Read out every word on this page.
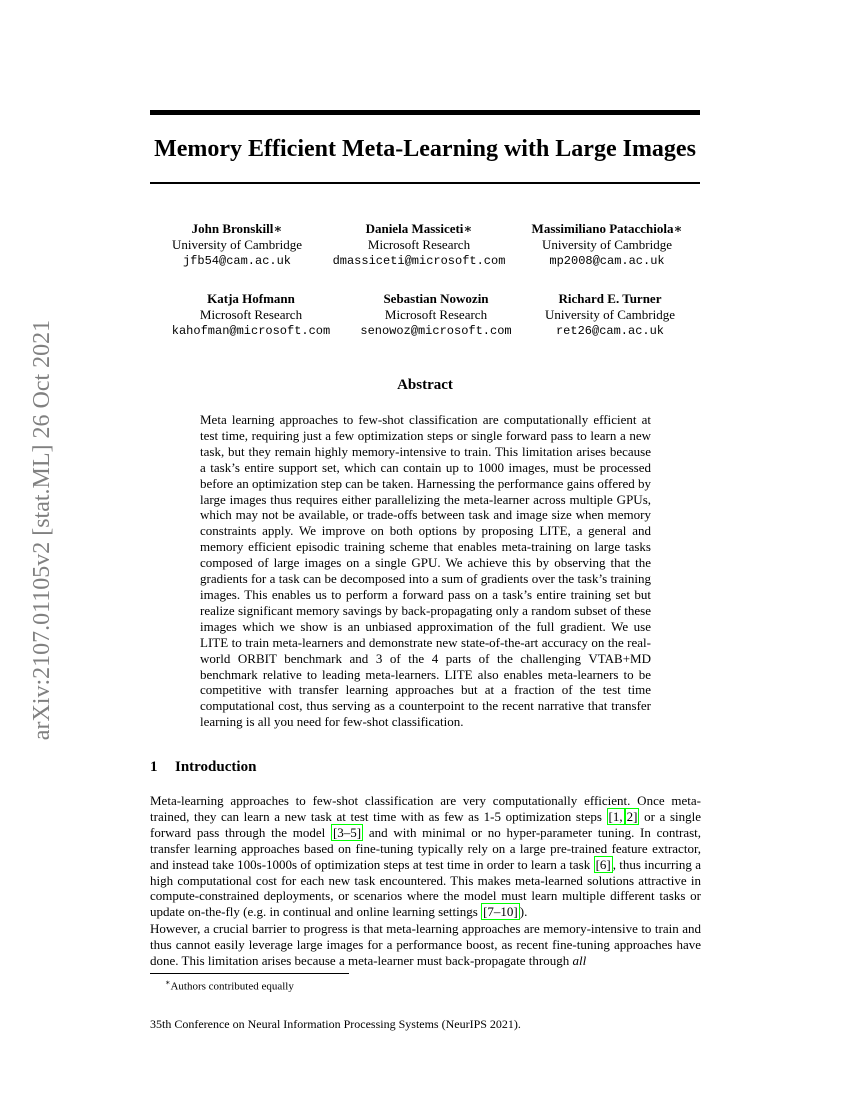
arXiv:2107.01105v2 [stat.ML] 26 Oct 2021
Memory Efficient Meta-Learning with Large Images
John Bronskill∗
University of Cambridge
jfb54@cam.ac.uk
Daniela Massiceti∗
Microsoft Research
dmassiceti@microsoft.com
Massimiliano Patacchiola∗
University of Cambridge
mp2008@cam.ac.uk
Katja Hofmann
Microsoft Research
kahofman@microsoft.com
Sebastian Nowozin
Microsoft Research
senowoz@microsoft.com
Richard E. Turner
University of Cambridge
ret26@cam.ac.uk
Abstract

Meta learning approaches to few-shot classification are computationally efficient at test time, requiring just a few optimization steps or single forward pass to learn a new task, but they remain highly memory-intensive to train. This limitation arises because a task’s entire support set, which can contain up to 1000 images, must be processed before an optimization step can be taken. Harnessing the performance gains offered by large images thus requires either parallelizing the meta-learner across multiple GPUs, which may not be available, or trade-offs between task and image size when memory constraints apply. We improve on both options by proposing LITE, a general and memory efficient episodic training scheme that enables meta-training on large tasks composed of large images on a single GPU. We achieve this by observing that the gradients for a task can be decomposed into a sum of gradients over the task’s training images. This enables us to perform a forward pass on a task’s entire training set but realize significant memory savings by back-propagating only a random subset of these images which we show is an unbiased approximation of the full gradient. We use LITE to train meta-learners and demonstrate new state-of-the-art accuracy on the real-world ORBIT benchmark and 3 of the 4 parts of the challenging VTAB+MD benchmark relative to leading meta-learners. LITE also enables meta-learners to be competitive with transfer learning approaches but at a fraction of the test time computational cost, thus serving as a counterpoint to the recent narrative that transfer learning is all you need for few-shot classification.

1 Introduction

Meta-learning approaches to few-shot classification are very computationally efficient. Once meta-trained, they can learn a new task at test time with as few as 1-5 optimization steps [1, 2] or a single forward pass through the model [3–5] and with minimal or no hyper-parameter tuning. In contrast, transfer learning approaches based on fine-tuning typically rely on a large pre-trained feature extractor, and instead take 100s-1000s of optimization steps at test time in order to learn a task [6] , thus incurring a high computational cost for each new task encountered. This makes meta-learned solutions attractive in compute-constrained deployments, or scenarios where the model must learn multiple different tasks or update on-the-fly (e.g. in continual and online learning settings [7–10] ).

However, a crucial barrier to progress is that meta-learning approaches are memory-intensive to train and thus cannot easily leverage large images for a performance boost, as recent fine-tuning approaches have done. This limitation arises because a meta-learner must back-propagate through all

∗Authors contributed equally
35th Conference on Neural Information Processing Systems (NeurIPS 2021).
